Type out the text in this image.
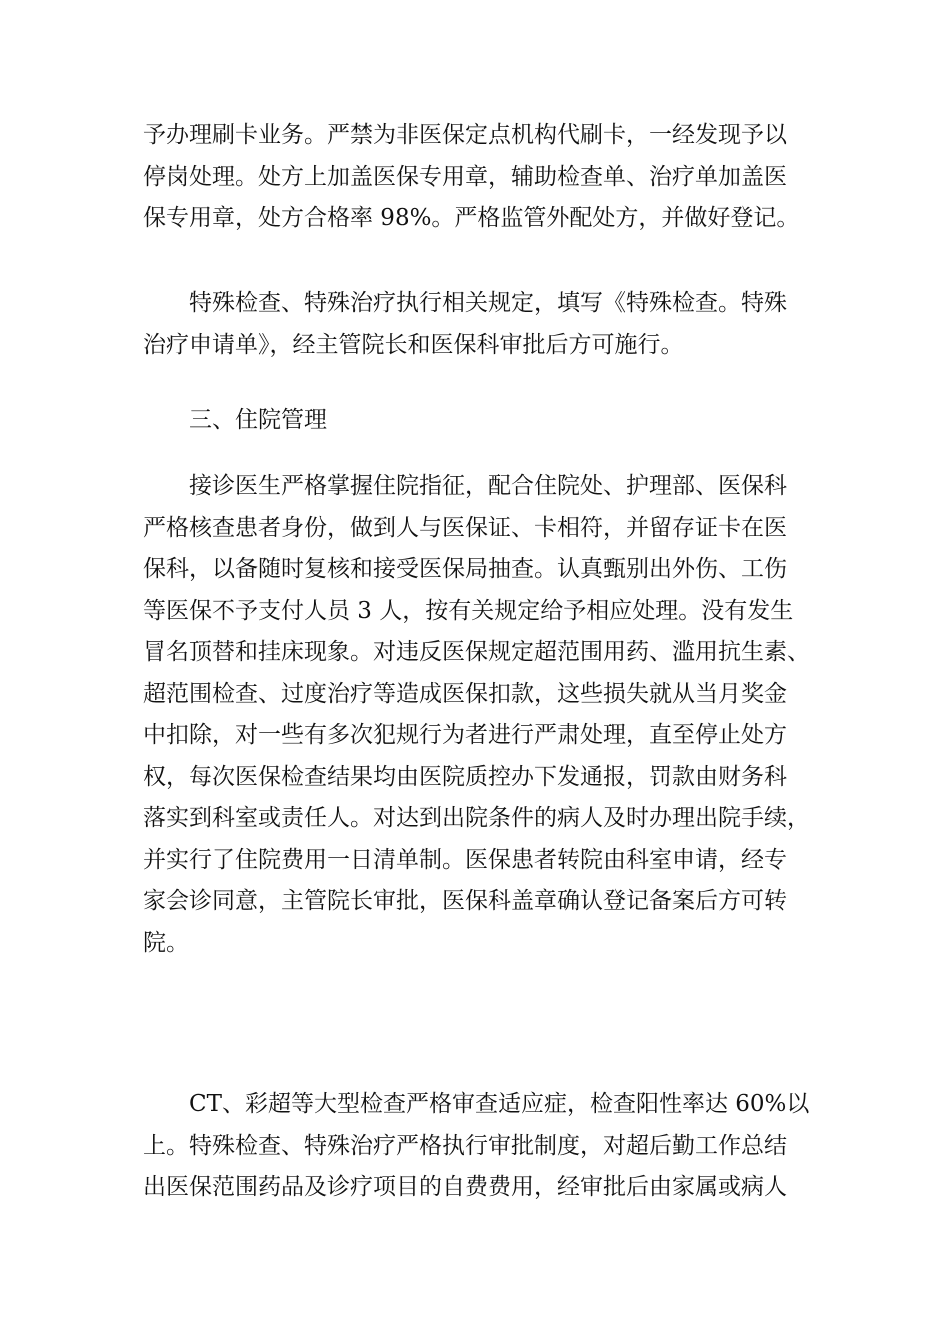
予办理刷卡业务。严禁为非医保定点机构代刷卡，一经发现予以
停岗处理。处方上加盖医保专用章，辅助检查单、治疗单加盖医
保专用章，处方合格率 98%。严格监管外配处方，并做好登记。

特殊检查、特殊治疗执行相关规定，填写《特殊检查。特殊
治疗申请单》，经主管院长和医保科审批后方可施行。

三、住院管理

接诊医生严格掌握住院指征，配合住院处、护理部、医保科
严格核查患者身份，做到人与医保证、卡相符，并留存证卡在医
保科，以备随时复核和接受医保局抽查。认真甄别出外伤、工伤
等医保不予支付人员 3 人，按有关规定给予相应处理。没有发生
冒名顶替和挂床现象。对违反医保规定超范围用药、滥用抗生素、
超范围检查、过度治疗等造成医保扣款，这些损失就从当月奖金
中扣除，对一些有多次犯规行为者进行严肃处理，直至停止处方
权，每次医保检查结果均由医院质控办下发通报，罚款由财务科
落实到科室或责任人。对达到出院条件的病人及时办理出院手续，
并实行了住院费用一日清单制。医保患者转院由科室申请，经专
家会诊同意，主管院长审批，医保科盖章确认登记备案后方可转
院。

CT、彩超等大型检查严格审查适应症，检查阳性率达 60%以
上。特殊检查、特殊治疗严格执行审批制度，对超后勤工作总结
出医保范围药品及诊疗项目的自费费用，经审批后由家属或病人
